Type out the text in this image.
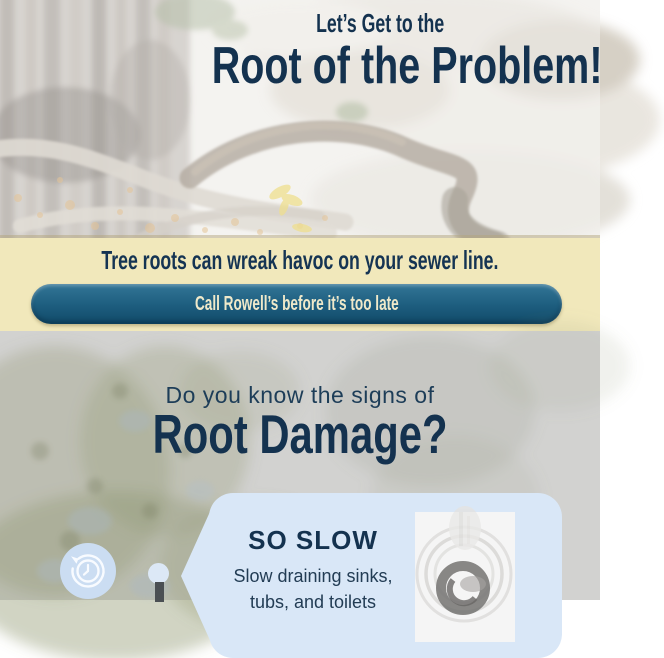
Let’s Get to the
Root of the Problem!
Tree roots can wreak havoc on your sewer line.
Call Rowell’s before it’s too late
Do you know the signs of
Root Damage?
SO SLOW

Slow draining sinks,
tubs, and toilets
